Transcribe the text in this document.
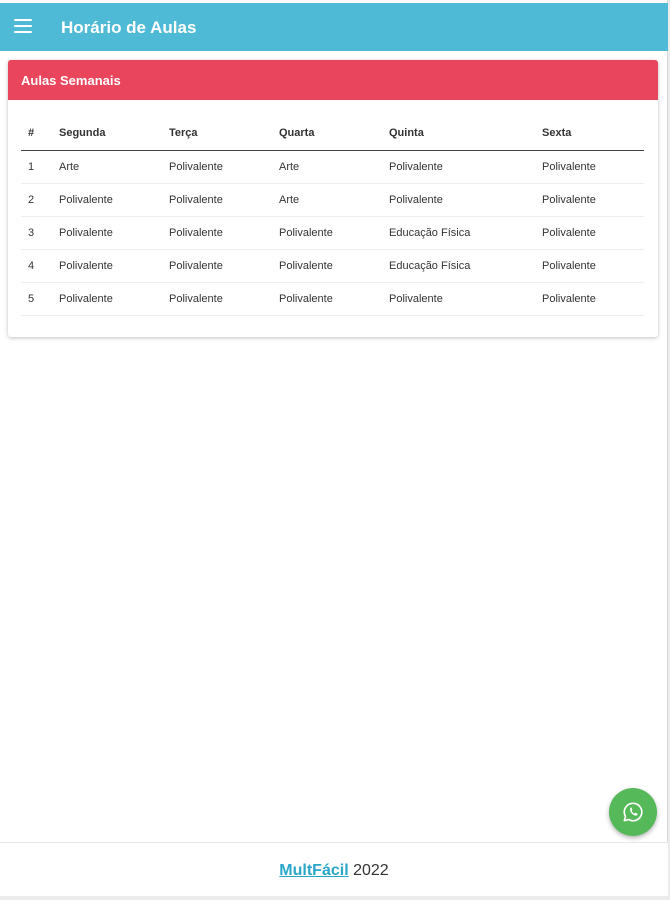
Horário de Aulas
Aulas Semanais
#	Segunda	Terça	Quarta	Quinta	Sexta
1	Arte	Polivalente	Arte	Polivalente	Polivalente
2	Polivalente	Polivalente	Arte	Polivalente	Polivalente
3	Polivalente	Polivalente	Polivalente	Educação Física	Polivalente
4	Polivalente	Polivalente	Polivalente	Educação Física	Polivalente
5	Polivalente	Polivalente	Polivalente	Polivalente	Polivalente
MultFácil 2022
